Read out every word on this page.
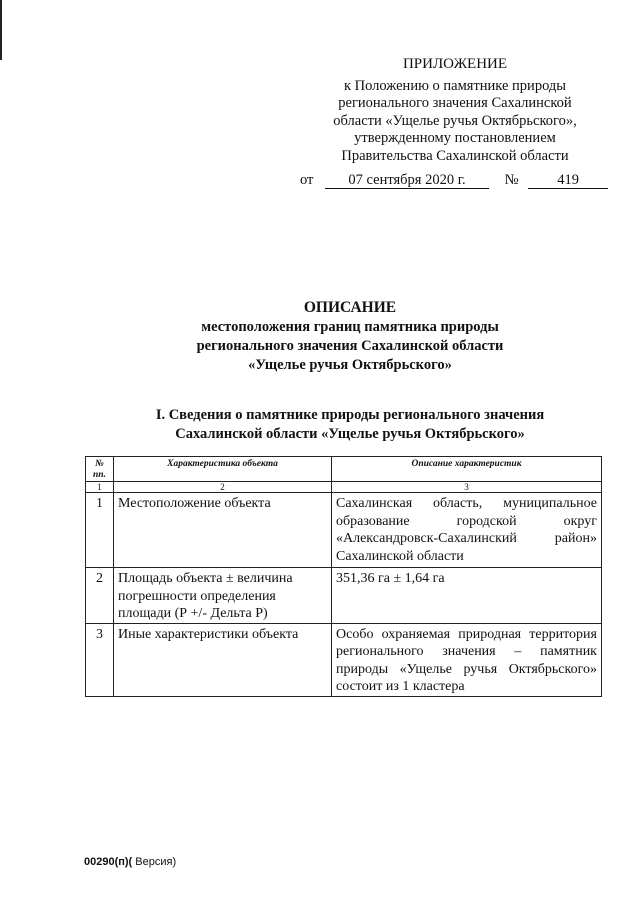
ПРИЛОЖЕНИЕ
к Положению о памятнике природы
регионального значения Сахалинской
области «Ущелье ручья Октябрьского»,
утвержденному постановлением
Правительства Сахалинской области
от 07 сентября 2020 г.	№	419
ОПИСАНИЕ
местоположения границ памятника природы
регионального значения Сахалинской области
«Ущелье ручья Октябрьского»
I. Сведения о памятнике природы регионального значения
Сахалинской области «Ущелье ручья Октябрьского»
№ пп.	Характеристика объекта	Описание характеристик
1	2	3
1	Местоположение объекта	Сахалинская область, муниципальное образование городской округ «Александровск-Сахалинский район» Сахалинской области
2	Площадь объекта ± величина погрешности определения площади (Р +/- Дельта Р)	351,36 га ± 1,64 га
3	Иные характеристики объекта	Особо охраняемая природная территория регионального значения – памятник природы «Ущелье ручья Октябрьского» состоит из 1 кластера
00290(п)( Версия)
